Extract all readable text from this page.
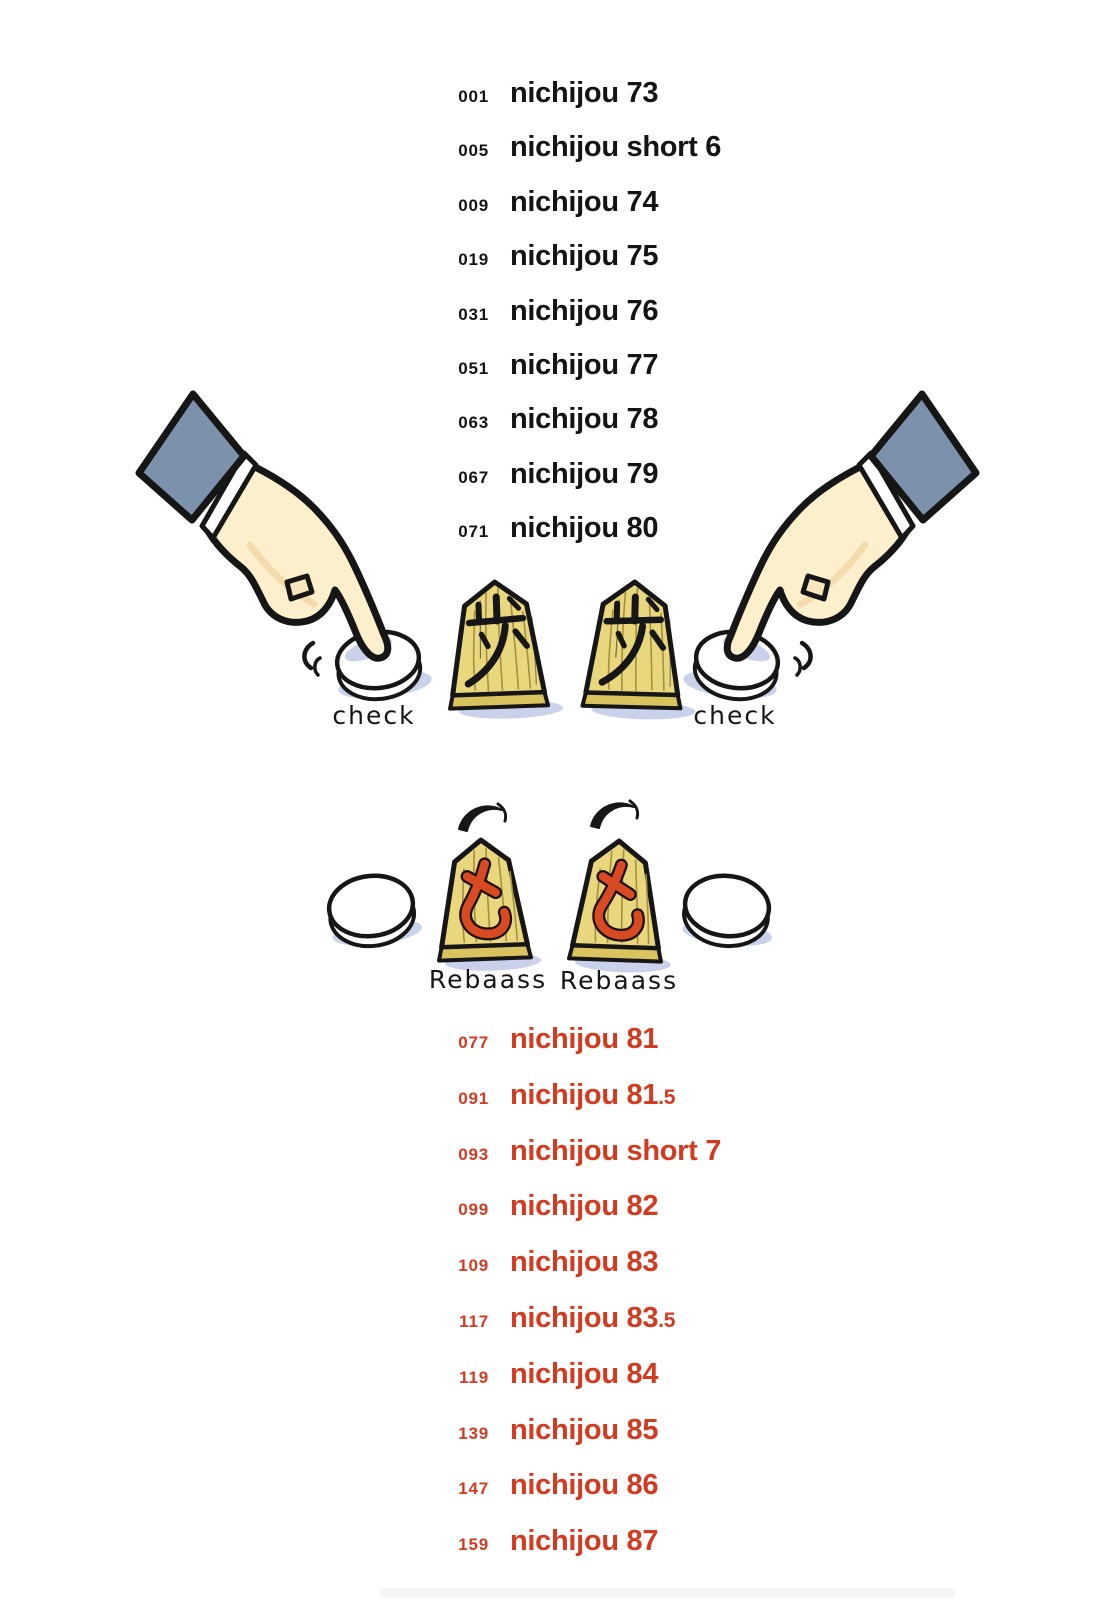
001 nichijou 73
005 nichijou short 6
009 nichijou 74
019 nichijou 75
031 nichijou 76
051 nichijou 77
063 nichijou 78
067 nichijou 79
071 nichijou 80
check	check
Rebaass Rebaass
077 nichijou 81
091 nichijou 81.5
093 nichijou short 7
099 nichijou 82
109 nichijou 83
117 nichijou 83.5
119 nichijou 84
139 nichijou 85
147 nichijou 86
159 nichijou 87
